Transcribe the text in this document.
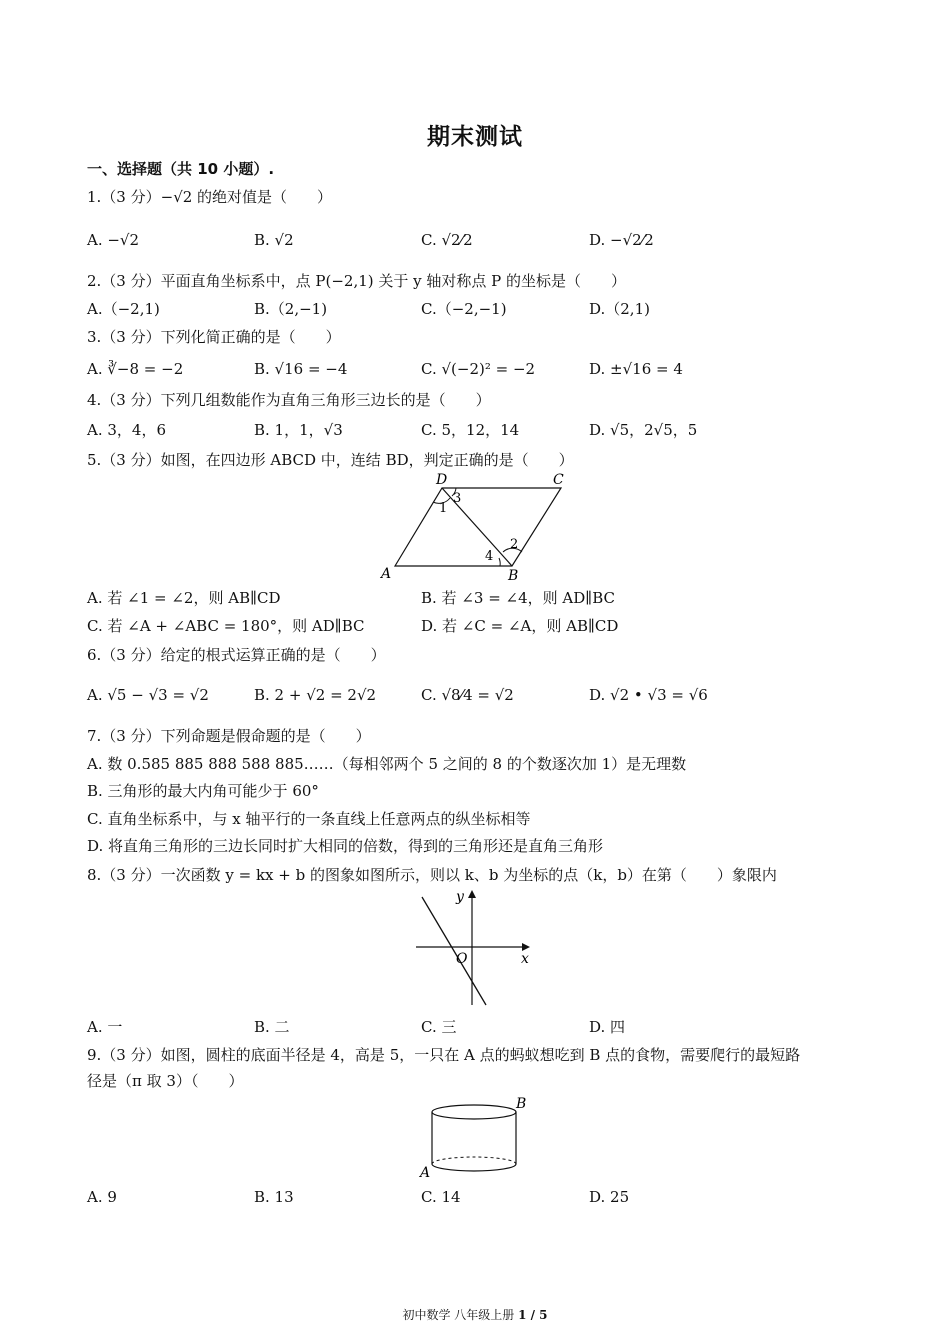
期末测试
一、选择题（共 10 小题）.
1.（3 分）−√2 的绝对值是（　　）
A. −√2	B. √2	C. √2⁄2	D. −√2⁄2
2.（3 分）平面直角坐标系中，点 P(−2,1) 关于 y 轴对称点 P 的坐标是（　　）
A.（−2,1)	B.（2,−1)	C.（−2,−1)	D.（2,1)
3.（3 分）下列化简正确的是（　　）
A. ∛−8 = −2	B. √16 = −4	C. √(−2)² = −2	D. ±√16 = 4
4.（3 分）下列几组数能作为直角三角形三边长的是（　　）
A. 3，4，6	B. 1，1，√3	C. 5，12，14	D. √5，2√5，5
5.（3 分）如图，在四边形 ABCD 中，连结 BD，判定正确的是（　　）
D	C
A	B
1
2
3
4
A. 若 ∠1 = ∠2，则 AB∥CD	B. 若 ∠3 = ∠4，则 AD∥BC
C. 若 ∠A + ∠ABC = 180°，则 AD∥BC	D. 若 ∠C = ∠A，则 AB∥CD
6.（3 分）给定的根式运算正确的是（　　）
A. √5 − √3 = √2	B. 2 + √2 = 2√2	C. √8⁄4 = √2	D. √2 • √3 = √6
7.（3 分）下列命题是假命题的是（　　）
A. 数 0.585 885 888 588 885……（每相邻两个 5 之间的 8 的个数逐次加 1）是无理数
B. 三角形的最大内角可能少于 60°
C. 直角坐标系中，与 x 轴平行的一条直线上任意两点的纵坐标相等
D. 将直角三角形的三边长同时扩大相同的倍数，得到的三角形还是直角三角形
8.（3 分）一次函数 y = kx + b 的图象如图所示，则以 k、b 为坐标的点（k，b）在第（　　）象限内
y
O	x
A. 一	B. 二	C. 三	D. 四
9.（3 分）如图，圆柱的底面半径是 4，高是 5，一只在 A 点的蚂蚁想吃到 B 点的食物，需要爬行的最短路
径是（π 取 3）（　　）
B
A
A. 9	B. 13	C. 14	D. 25
初中数学 八年级上册 1 / 5
